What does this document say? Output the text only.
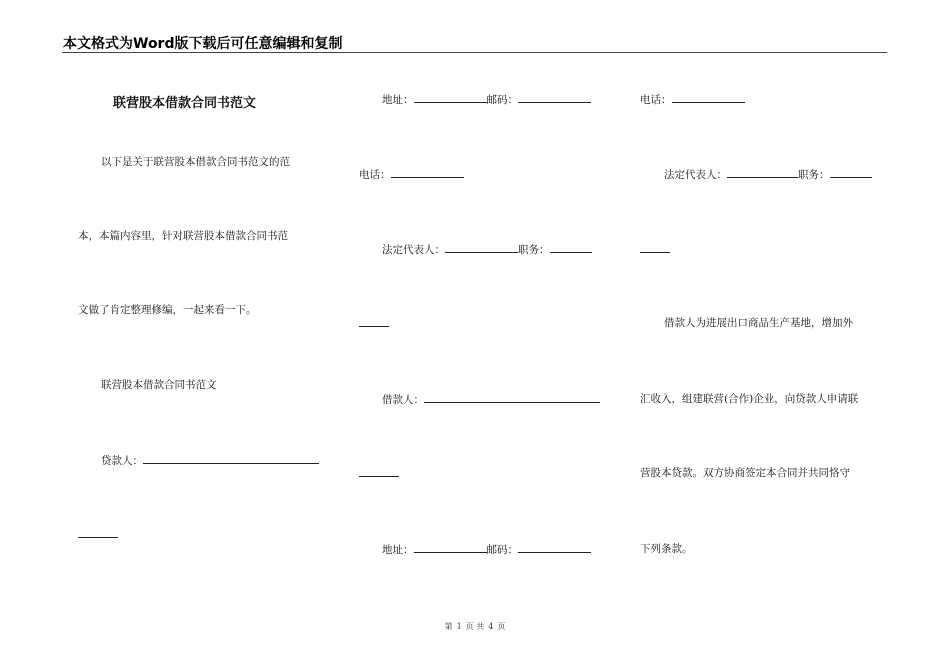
本文格式为Word版下载后可任意编辑和复制
联营股本借款合同书范文
以下是关于联营股本借款合同书范文的范
本，本篇内容里，针对联营股本借款合同书范
文做了肯定整理修编，一起来看一下。
联营股本借款合同书范文
贷款人：
地址：	邮码：
电话：
法定代表人：	职务：
借款人：
地址：	邮码：
电话：
法定代表人：	职务：
借款人为进展出口商品生产基地，增加外
汇收入，组建联营(合作)企业，向贷款人申请联
营股本贷款。双方协商签定本合同并共同恪守
下列条款。
第 1 页 共 4 页
